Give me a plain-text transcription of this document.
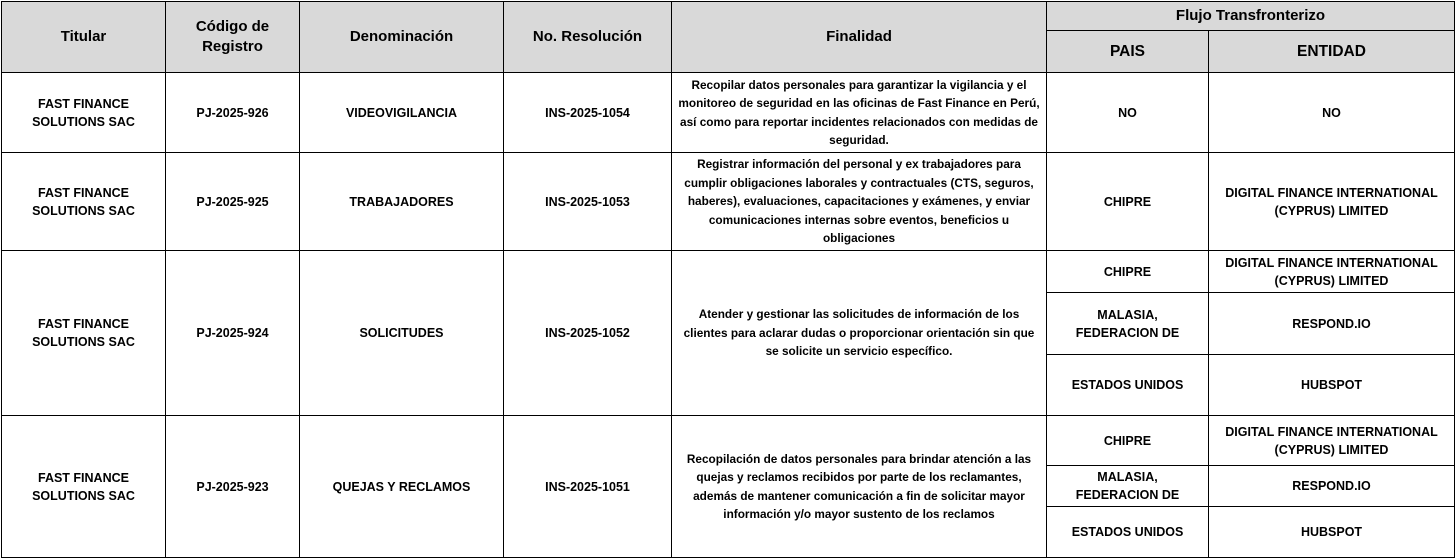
Titular	Código de Registro	Denominación	No. Resolución	Finalidad	Flujo Transfronterizo	
					PAIS	ENTIDAD
FAST FINANCE SOLUTIONS SAC	PJ-2025-926	VIDEOVIGILANCIA	INS-2025-1054	Recopilar datos personales para garantizar la vigilancia y el monitoreo de seguridad en las oficinas de Fast Finance en Perú, así como para reportar incidentes relacionados con medidas de seguridad.	NO	NO
FAST FINANCE SOLUTIONS SAC	PJ-2025-925	TRABAJADORES	INS-2025-1053	Registrar información del personal y ex trabajadores para cumplir obligaciones laborales y contractuales (CTS, seguros, haberes), evaluaciones, capacitaciones y exámenes, y enviar comunicaciones internas sobre eventos, beneficios u obligaciones	CHIPRE	DIGITAL FINANCE INTERNATIONAL (CYPRUS) LIMITED
FAST FINANCE SOLUTIONS SAC	PJ-2025-924	SOLICITUDES	INS-2025-1052	Atender y gestionar las solicitudes de información de los clientes para aclarar dudas o proporcionar orientación sin que se solicite un servicio específico.	CHIPRE	DIGITAL FINANCE INTERNATIONAL (CYPRUS) LIMITED
					MALASIA, FEDERACION DE	RESPOND.IO
					ESTADOS UNIDOS	HUBSPOT
FAST FINANCE SOLUTIONS SAC	PJ-2025-923	QUEJAS Y RECLAMOS	INS-2025-1051	Recopilación de datos personales para brindar atención a las quejas y reclamos recibidos por parte de los reclamantes, además de mantener comunicación a fin de solicitar mayor información y/o mayor sustento de los reclamos	CHIPRE	DIGITAL FINANCE INTERNATIONAL (CYPRUS) LIMITED
					MALASIA, FEDERACION DE	RESPOND.IO
					ESTADOS UNIDOS	HUBSPOT
